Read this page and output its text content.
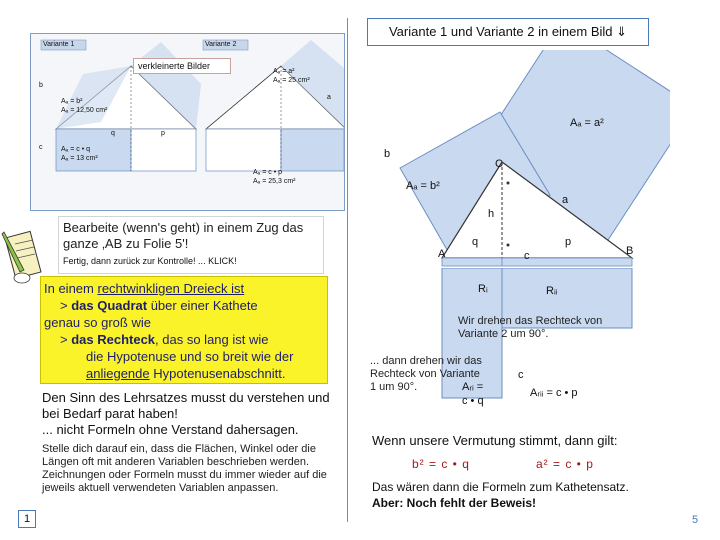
Variante 1 und Variante 2 in einem Bild ⇓
Variante 1	Variante 2
b
q
c
p
a
Aₐ = b²
Aₐ = 12,50 cm²
Aₐ = a²
Aₐ = 25 cm²
Aₐ = c • q
Aₐ = 13 cm²
Aₐ = c • p
Aₐ = 25,3 cm²
verkleinerte Bilder
Bearbeite (wenn's geht) in einem Zug das ganze ‚AB zu Folie 5'!
Fertig, dann zurück zur Kontrolle! ... KLICK!
In einem rechtwinkligen Dreieck ist
> das Quadrat über einer Kathete
genau so groß wie
> das Rechteck, das so lang ist wie
die Hypotenuse und so breit wie der
anliegende Hypotenusenabschnitt.
Den Sinn des Lehrsatzes musst du verstehen und bei Bedarf parat haben!
... nicht Formeln ohne Verstand dahersagen.
Stelle dich darauf ein, dass die Flächen, Winkel oder die Längen oft mit anderen Variablen beschrieben werden. Zeichnungen oder Formeln musst du immer wieder auf die jeweils aktuell verwendeten Variablen anpassen.
Aₐ = a²
Aₐ = b²
b
a
C
h
q	p
A	B
c
Rᵢ	Rᵢᵢ
Wir drehen das Rechteck von Variante 2 um 90°.
... dann drehen wir das Rechteck von Variante 1 um 90°.
c
Aᵣᵢ =
c • q
Aᵣᵢᵢ = c • p
Wenn unsere Vermutung stimmt, dann gilt:
b² = c • q	a² = c • p
Das wären dann die Formeln zum Kathetensatz.
Aber: Noch fehlt der Beweis!
1	5
